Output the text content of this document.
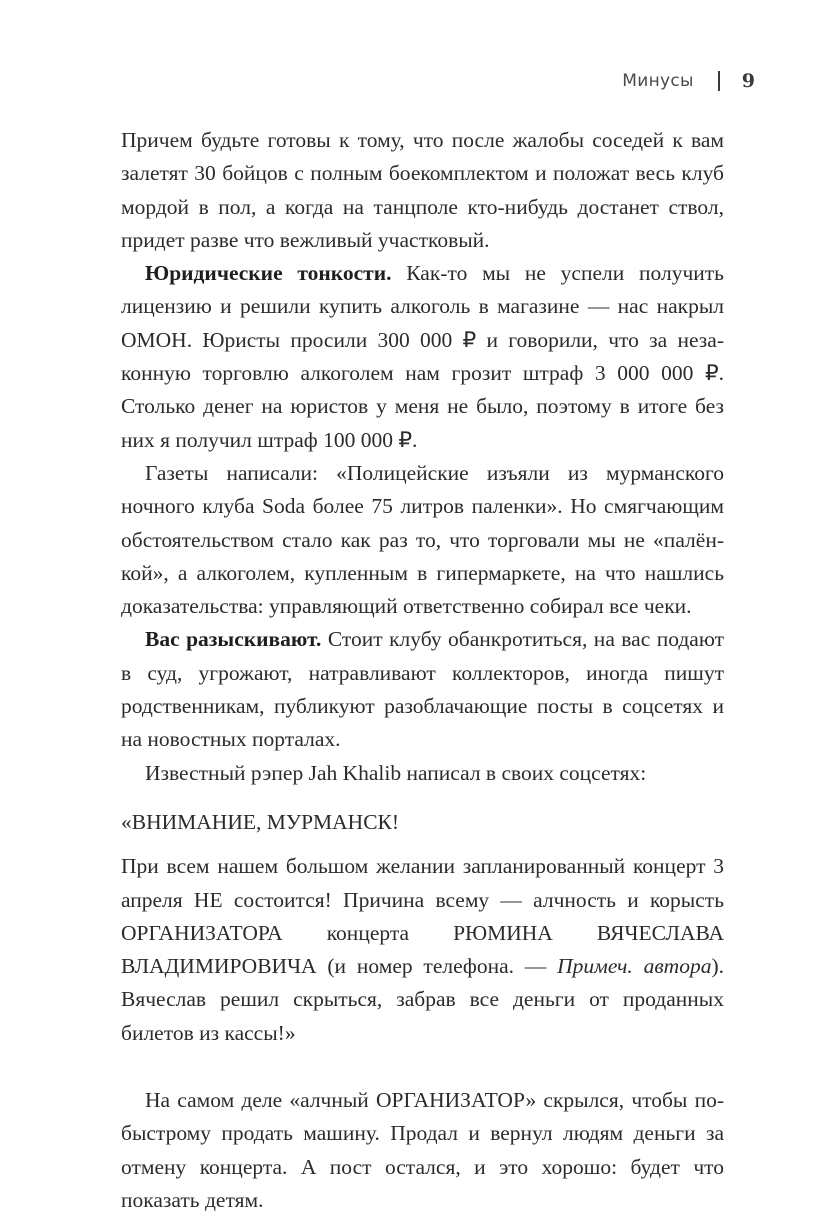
Минусы	9

Причем будьте готовы к тому, что после жалобы соседей к вам залетят 30 бойцов с полным боекомплектом и положат весь клуб мордой в пол, а когда на танцполе кто-нибудь достанет ствол, придет разве что вежливый участковый.

Юридические тонкости. Как-то мы не успели получить лицензию и решили купить алкоголь в магазине — нас накрыл ОМОН. Юристы просили 300 000 ₽ и говорили, что за незаконную торговлю алкоголем нам грозит штраф 3 000 000 ₽. Столько денег на юристов у меня не было, поэтому в итоге без них я получил штраф 100 000 ₽.

Газеты написали: «Полицейские изъяли из мурманского ночного клуба Soda более 75 литров паленки». Но смягчающим обстоятельством стало как раз то, что торговали мы не «палёнкой», а алкоголем, купленным в гипермаркете, на что нашлись доказательства: управляющий ответственно собирал все чеки.

Вас разыскивают. Стоит клубу обанкротиться, на вас подают в суд, угрожают, натравливают коллекторов, иногда пишут родственникам, публикуют разоблачающие посты в соцсетях и на новостных порталах.

Известный рэпер Jah Khalib написал в своих соцсетях:

«ВНИМАНИЕ, МУРМАНСК!

При всем нашем большом желании запланированный концерт 3 апреля НЕ состоится! Причина всему — алчность и корысть ОРГАНИЗАТОРА концерта РЮМИНА ВЯЧЕСЛАВА ВЛАДИМИРОВИЧА (и номер телефона. — Примеч. автора). Вячеслав решил скрыться, забрав все деньги от проданных билетов из кассы!»

На самом деле «алчный ОРГАНИЗАТОР» скрылся, чтобы по-быстрому продать машину. Продал и вернул людям деньги за отмену концерта. А пост остался, и это хорошо: будет что показать детям.
